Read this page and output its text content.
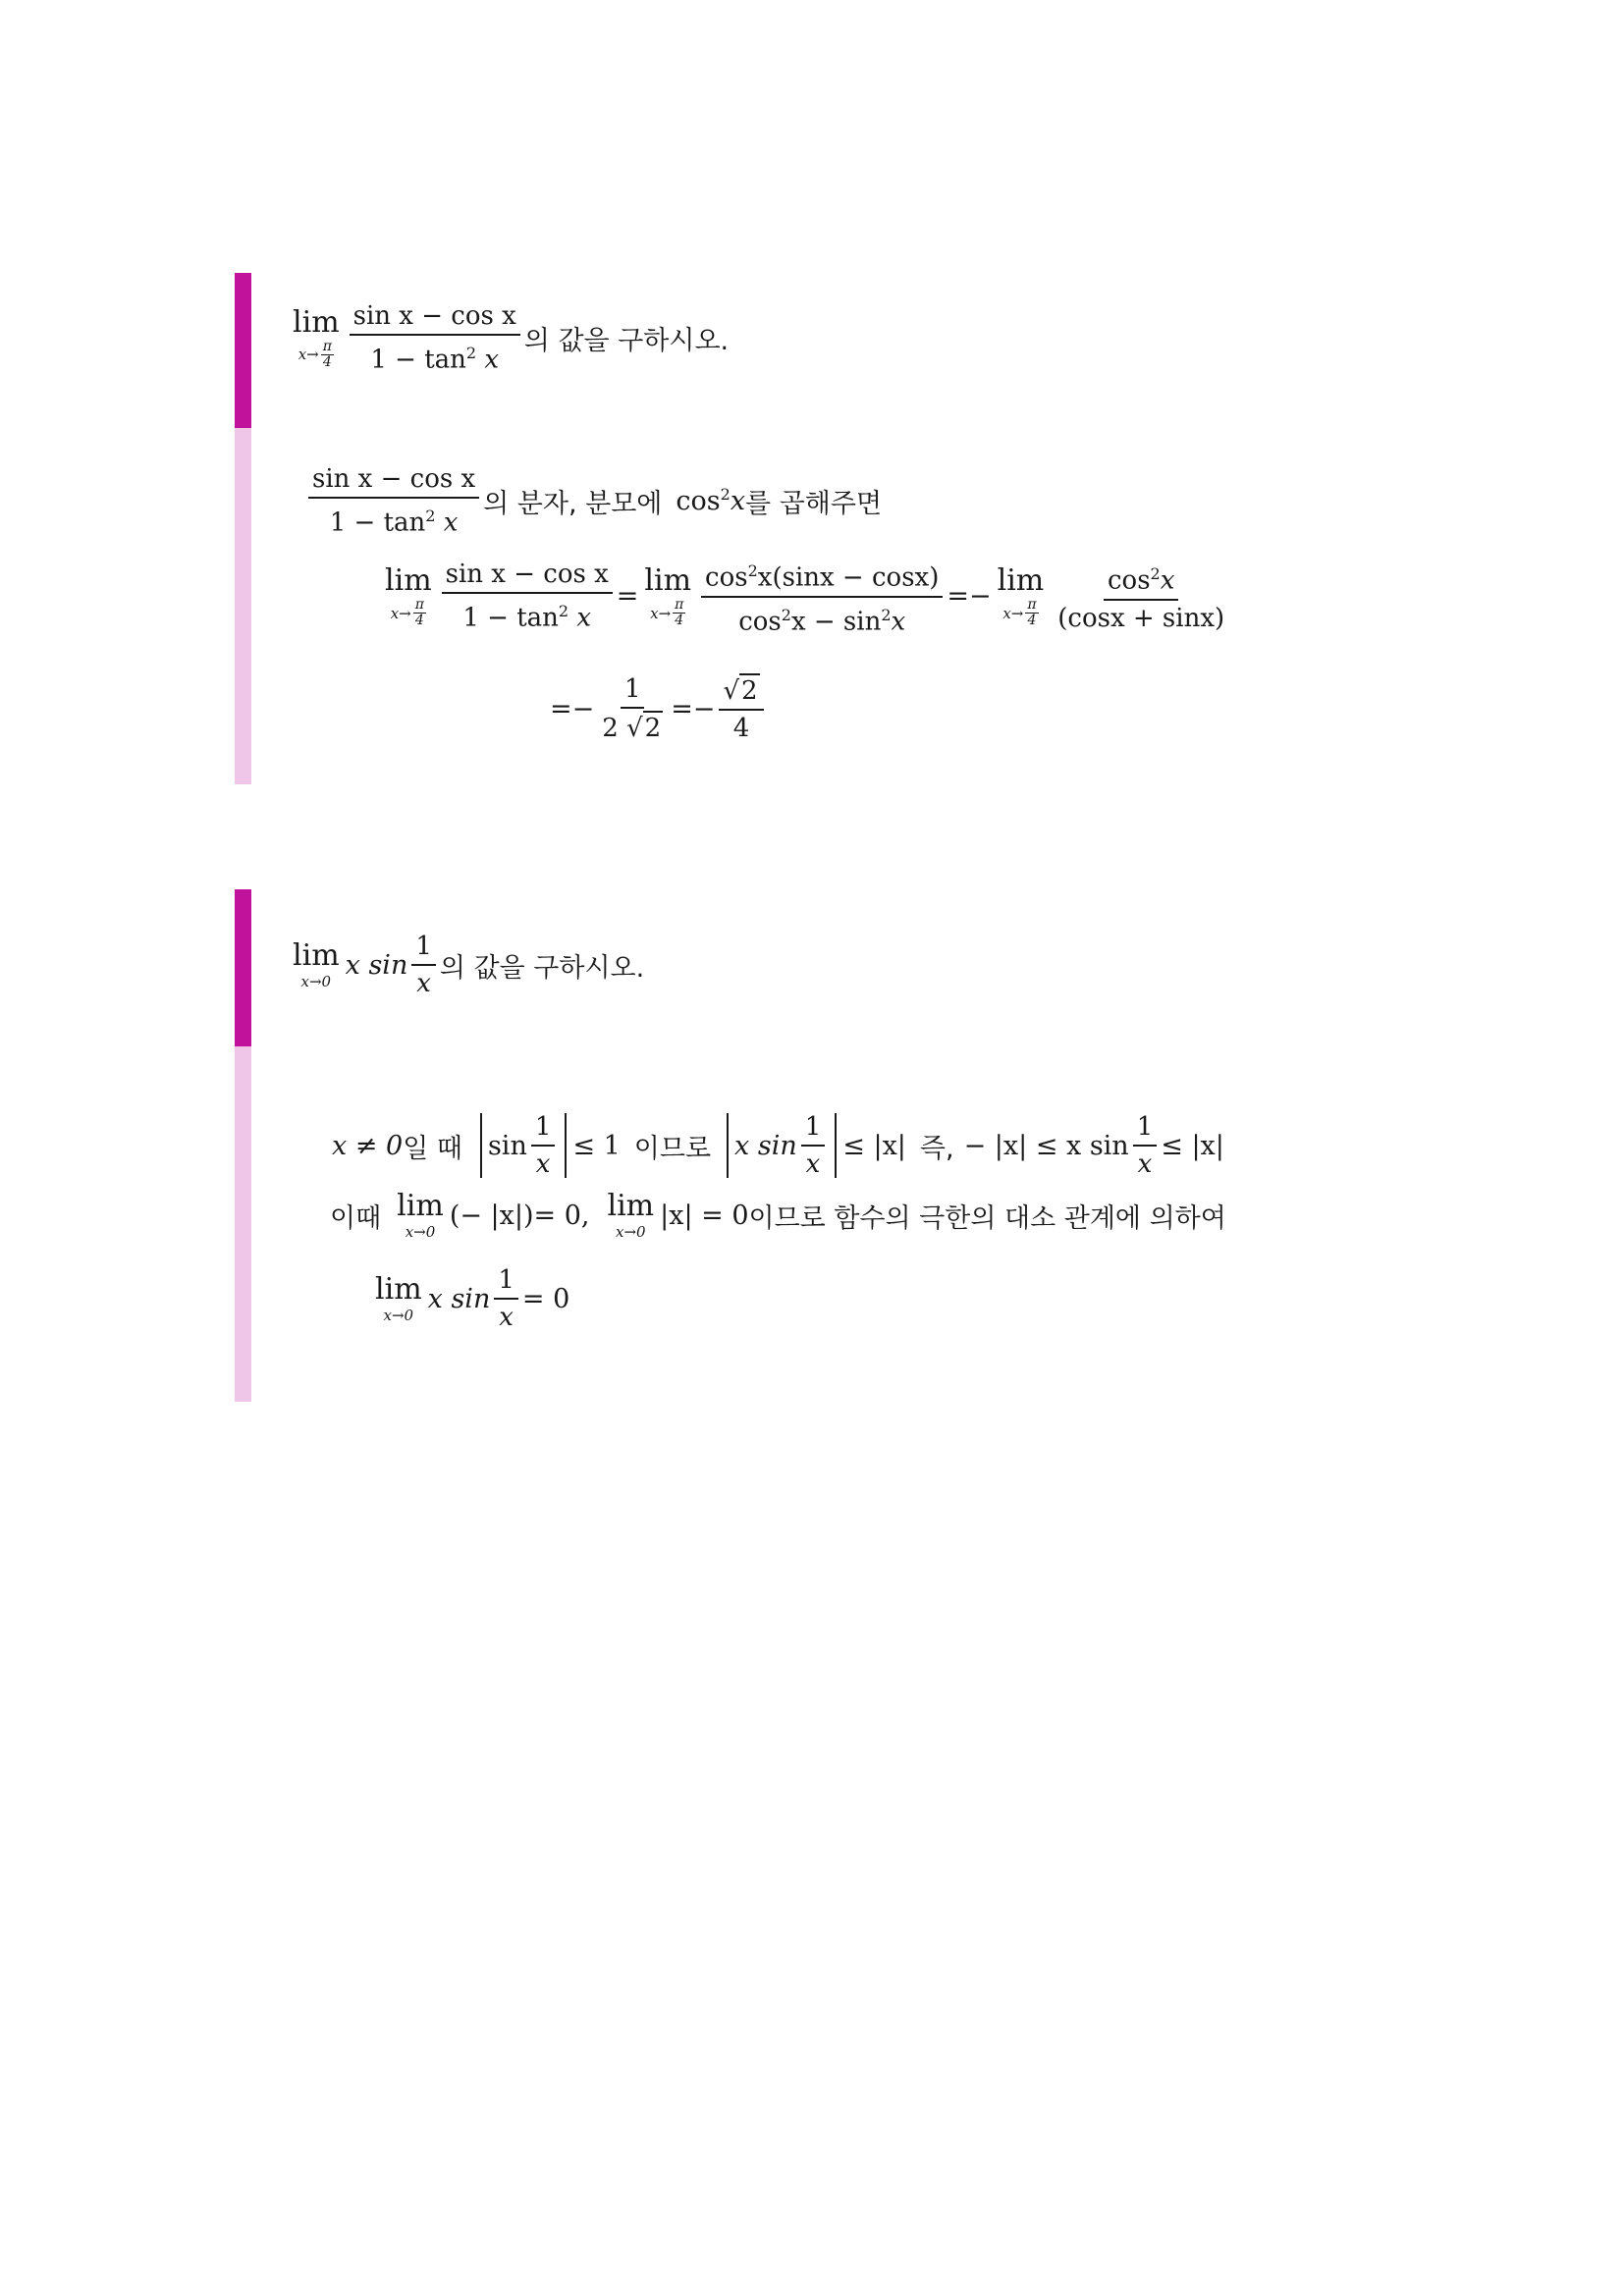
lim
$x\to \frac{\pi}{4} \frac{\text{sin x − cos x}}{1 - \tan^2 x}$ 의 값을 구하시오.
$\frac{\text{sin x − cos x}}{1 - \tan^2 x}$ 의 분자, 분모에 $\cos^2x$ 를 곱해주면
lim
$x\to \frac{\pi}{4} \frac{\text{sin x − cos x}}{1 - \tan^2 x} = \lim$
$x\to \frac{\pi}{4} \frac{\cos^2x(\sin x - \cos x)}{\cos^2x - \sin^2x} =- \lim$
$x\to \frac{\pi}{4} \frac{\cos^2x}{(\cos x + \sin x)}$
=− $\frac{1}{2 √ 2} =- \frac{√ 2}{4}$
lim
x→0
x $\sin \frac{1}{x}$ 의 값을 구하시오.
x ≠ 0 일 때 $\sin \frac{1}{x} \le 1$ 이므로 x $\sin \frac{1}{x} \le |x|$ 즉, − |x| ≤ x $\sin \frac{1}{x} \le |x|$
이때 lim
x→0
(− |x|)= 0, lim
x→0
|x| = 0 이므로 함수의 극한의 대소 관계에 의하여
lim
x→0
x $\sin \frac{1}{x} = 0$
